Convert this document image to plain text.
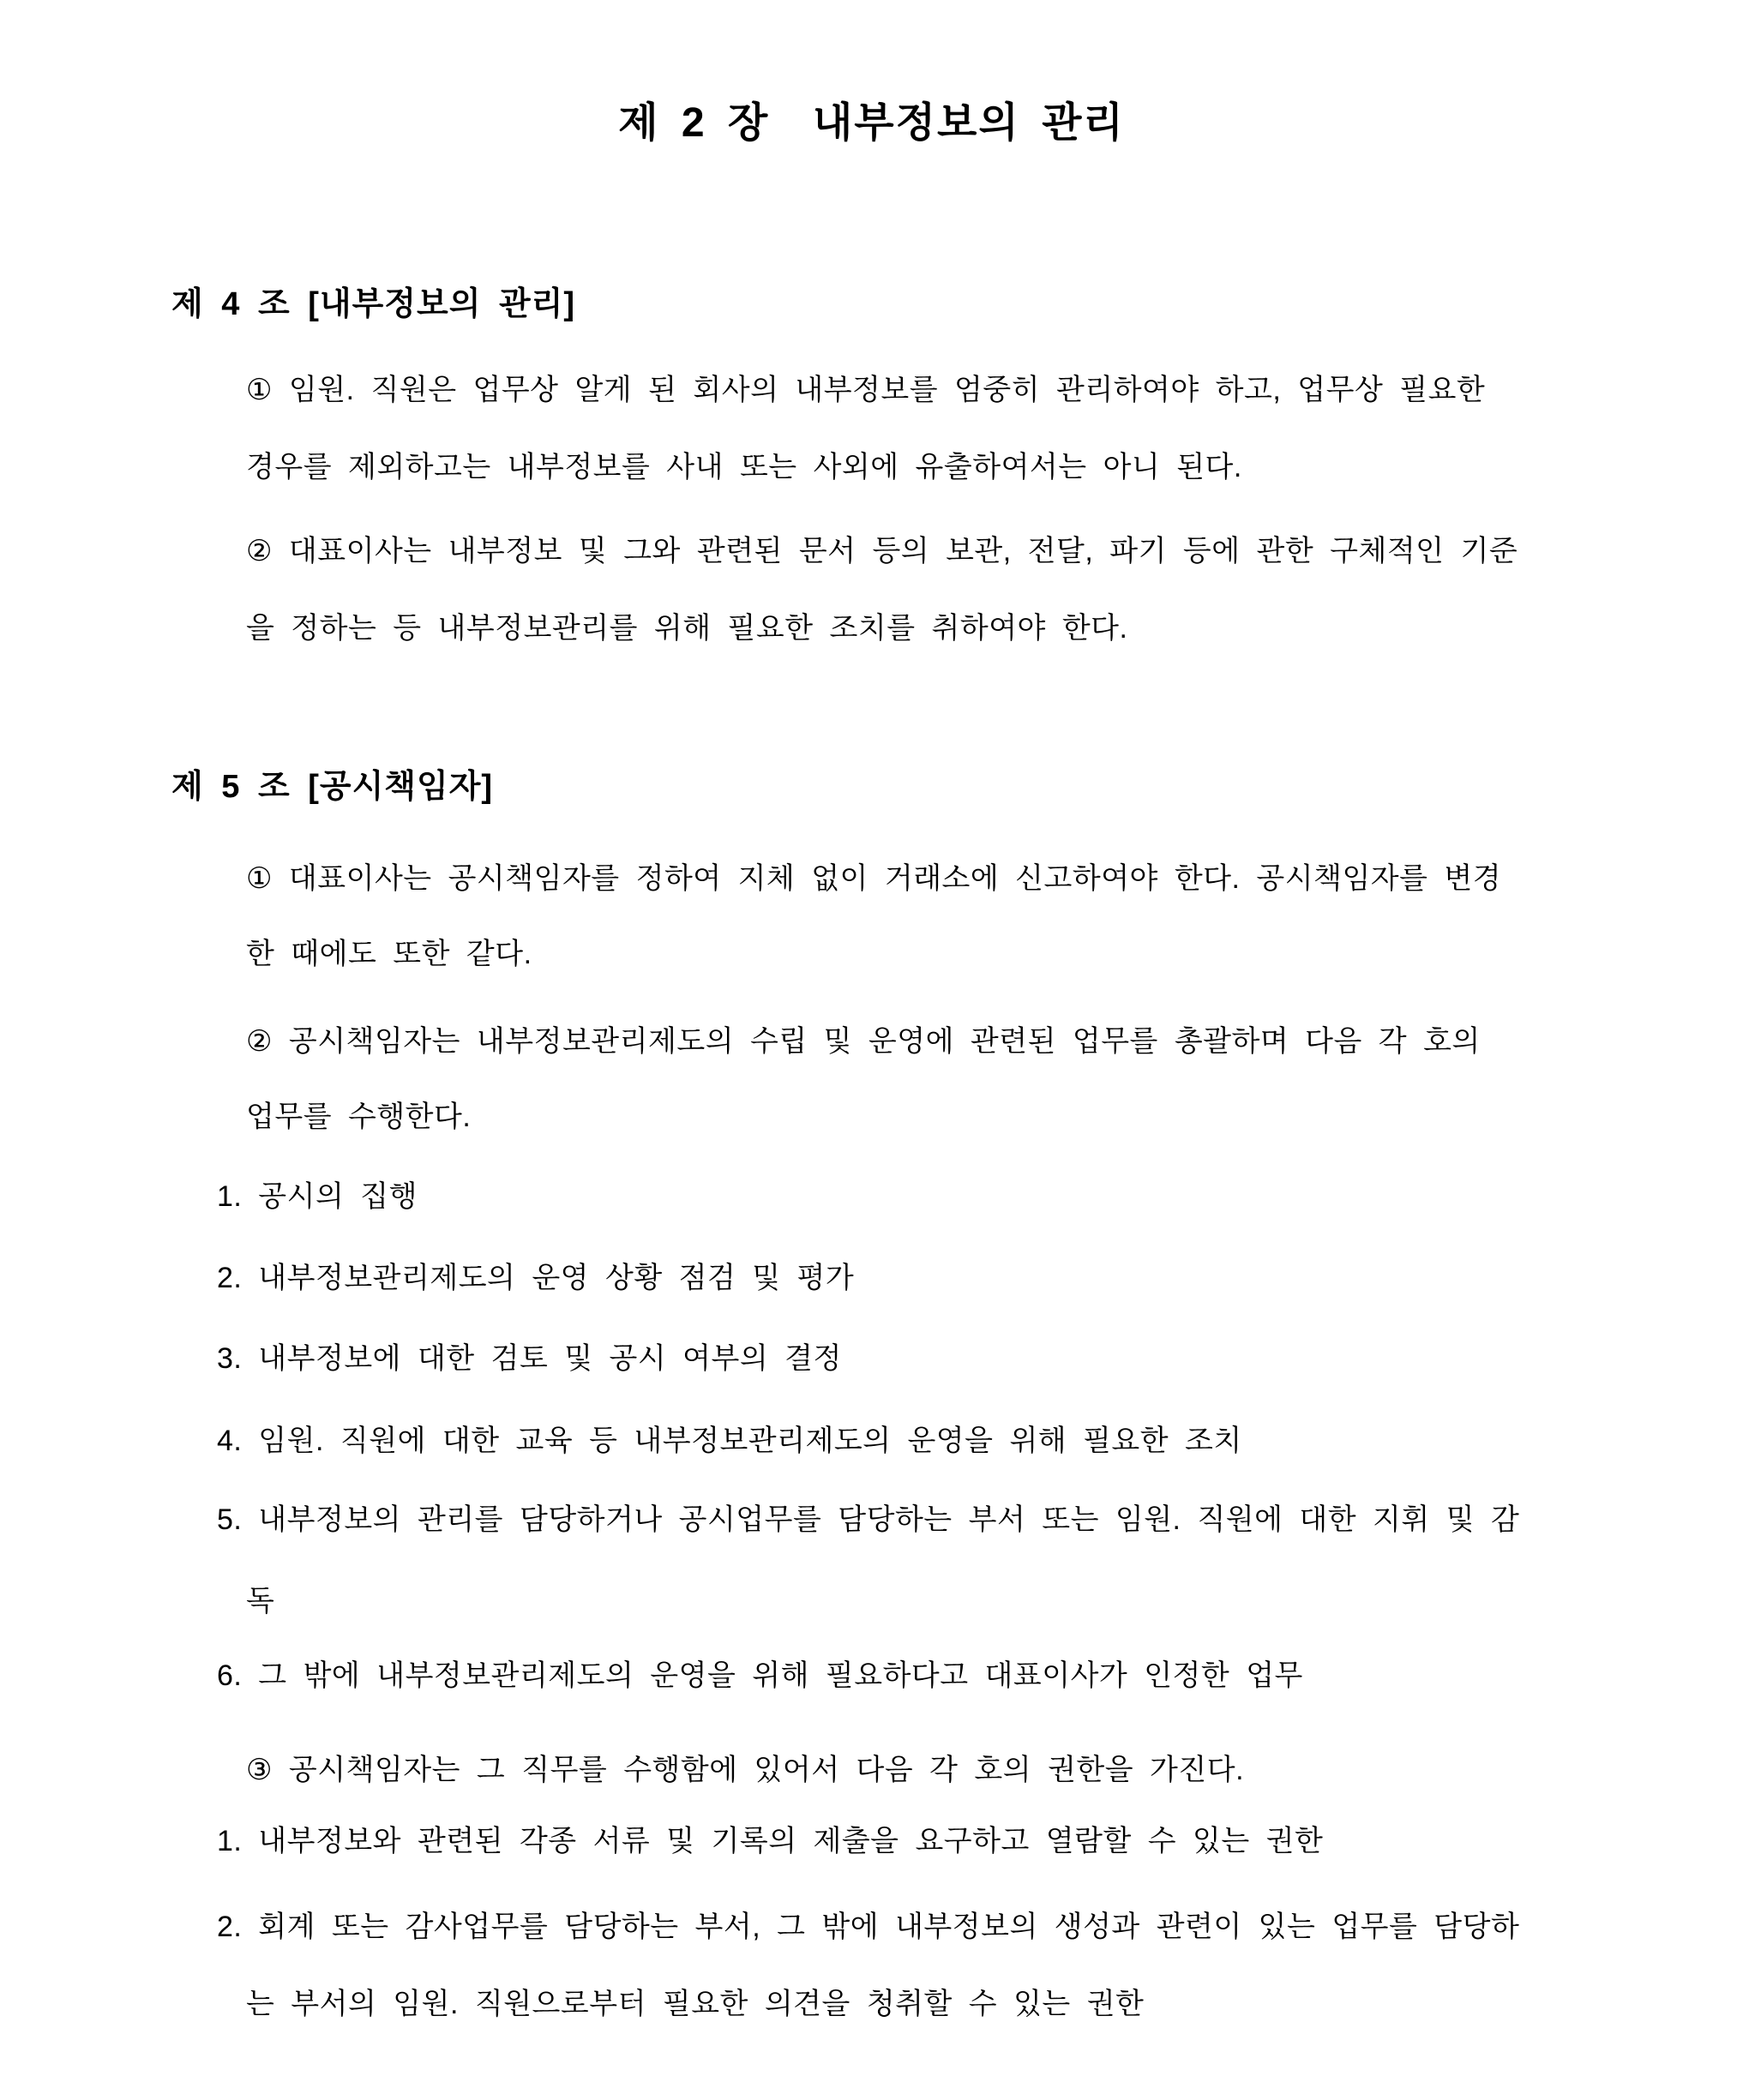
제 2 장  내부정보의 관리
제 4 조 [내부정보의 관리]
① 임원. 직원은 업무상 알게 된 회사의 내부정보를 엄중히 관리하여야 하고, 업무상 필요한
경우를 제외하고는 내부정보를 사내 또는 사외에 유출하여서는 아니 된다.
② 대표이사는 내부정보 및 그와 관련된 문서 등의 보관, 전달, 파기 등에 관한 구체적인 기준
을 정하는 등 내부정보관리를 위해 필요한 조치를 취하여야 한다.
제 5 조 [공시책임자]
① 대표이사는 공시책임자를 정하여 지체 없이 거래소에 신고하여야 한다. 공시책임자를 변경
한 때에도 또한 같다.
② 공시책임자는 내부정보관리제도의 수립 및 운영에 관련된 업무를 총괄하며 다음 각 호의
업무를 수행한다.
1. 공시의 집행
2. 내부정보관리제도의 운영 상황 점검 및 평가
3. 내부정보에 대한 검토 및 공시 여부의 결정
4. 임원. 직원에 대한 교육 등 내부정보관리제도의 운영을 위해 필요한 조치
5. 내부정보의 관리를 담당하거나 공시업무를 담당하는 부서 또는 임원. 직원에 대한 지휘 및 감
독
6. 그 밖에 내부정보관리제도의 운영을 위해 필요하다고 대표이사가 인정한 업무
③ 공시책임자는 그 직무를 수행함에 있어서 다음 각 호의 권한을 가진다.
1. 내부정보와 관련된 각종 서류 및 기록의 제출을 요구하고 열람할 수 있는 권한
2. 회계 또는 감사업무를 담당하는 부서, 그 밖에 내부정보의 생성과 관련이 있는 업무를 담당하
는 부서의 임원. 직원으로부터 필요한 의견을 청취할 수 있는 권한
